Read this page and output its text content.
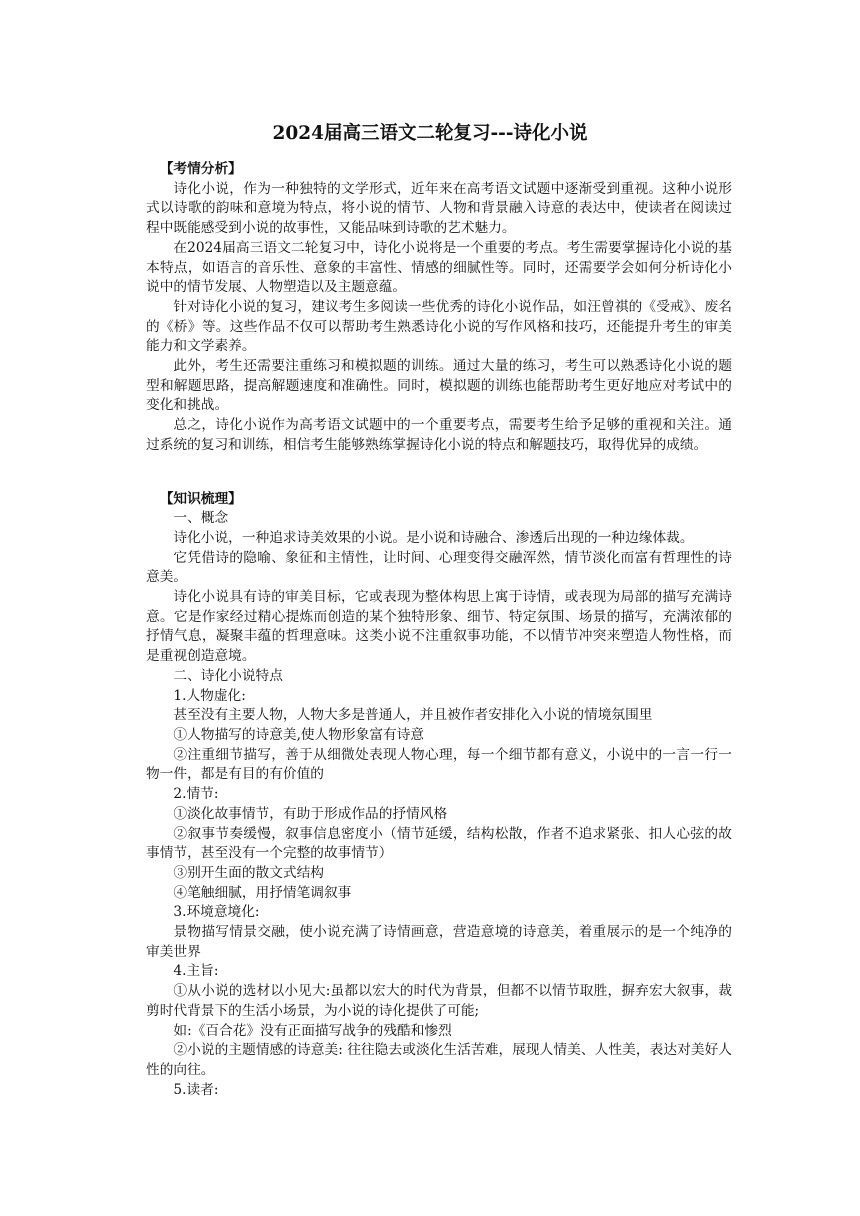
2024届高三语文二轮复习---诗化小说

【考情分析】

诗化小说，作为一种独特的文学形式，近年来在高考语文试题中逐渐受到重视。这种小说形式以诗歌的韵味和意境为特点，将小说的情节、人物和背景融入诗意的表达中，使读者在阅读过程中既能感受到小说的故事性，又能品味到诗歌的艺术魅力。

在2024届高三语文二轮复习中，诗化小说将是一个重要的考点。考生需要掌握诗化小说的基本特点，如语言的音乐性、意象的丰富性、情感的细腻性等。同时，还需要学会如何分析诗化小说中的情节发展、人物塑造以及主题意蕴。

针对诗化小说的复习，建议考生多阅读一些优秀的诗化小说作品，如汪曾祺的《受戒》、废名的《桥》等。这些作品不仅可以帮助考生熟悉诗化小说的写作风格和技巧，还能提升考生的审美能力和文学素养。

此外，考生还需要注重练习和模拟题的训练。通过大量的练习，考生可以熟悉诗化小说的题型和解题思路，提高解题速度和准确性。同时，模拟题的训练也能帮助考生更好地应对考试中的变化和挑战。

总之，诗化小说作为高考语文试题中的一个重要考点，需要考生给予足够的重视和关注。通过系统的复习和训练，相信考生能够熟练掌握诗化小说的特点和解题技巧，取得优异的成绩。

【知识梳理】

一、概念

诗化小说，一种追求诗美效果的小说。是小说和诗融合、渗透后出现的一种边缘体裁。

它凭借诗的隐喻、象征和主情性，让时间、心理变得交融浑然，情节淡化而富有哲理性的诗意美。

诗化小说具有诗的审美目标，它或表现为整体构思上寓于诗情，或表现为局部的描写充满诗意。它是作家经过精心提炼而创造的某个独特形象、细节、特定氛围、场景的描写，充满浓郁的抒情气息，凝聚丰蕴的哲理意味。这类小说不注重叙事功能，不以情节冲突来塑造人物性格，而是重视创造意境。

二、诗化小说特点

1.人物虚化:

甚至没有主要人物，人物大多是普通人，并且被作者安排化入小说的情境氛围里

①人物描写的诗意美,使人物形象富有诗意

②注重细节描写，善于从细微处表现人物心理，每一个细节都有意义，小说中的一言一行一物一件，都是有目的有价值的

2.情节:

①淡化故事情节，有助于形成作品的抒情风格

②叙事节奏缓慢，叙事信息密度小（情节延缓，结构松散，作者不追求紧张、扣人心弦的故事情节，甚至没有一个完整的故事情节）

③别开生面的散文式结构

④笔触细腻，用抒情笔调叙事

3.环境意境化:

景物描写情景交融，使小说充满了诗情画意，营造意境的诗意美，着重展示的是一个纯净的审美世界

4.主旨:

①从小说的选材以小见大:虽都以宏大的时代为背景，但都不以情节取胜，摒弃宏大叙事，裁剪时代背景下的生活小场景，为小说的诗化提供了可能;

如:《百合花》没有正面描写战争的残酷和惨烈

②小说的主题情感的诗意美: 往往隐去或淡化生活苦难，展现人情美、人性美，表达对美好人性的向往。

5.读者:
